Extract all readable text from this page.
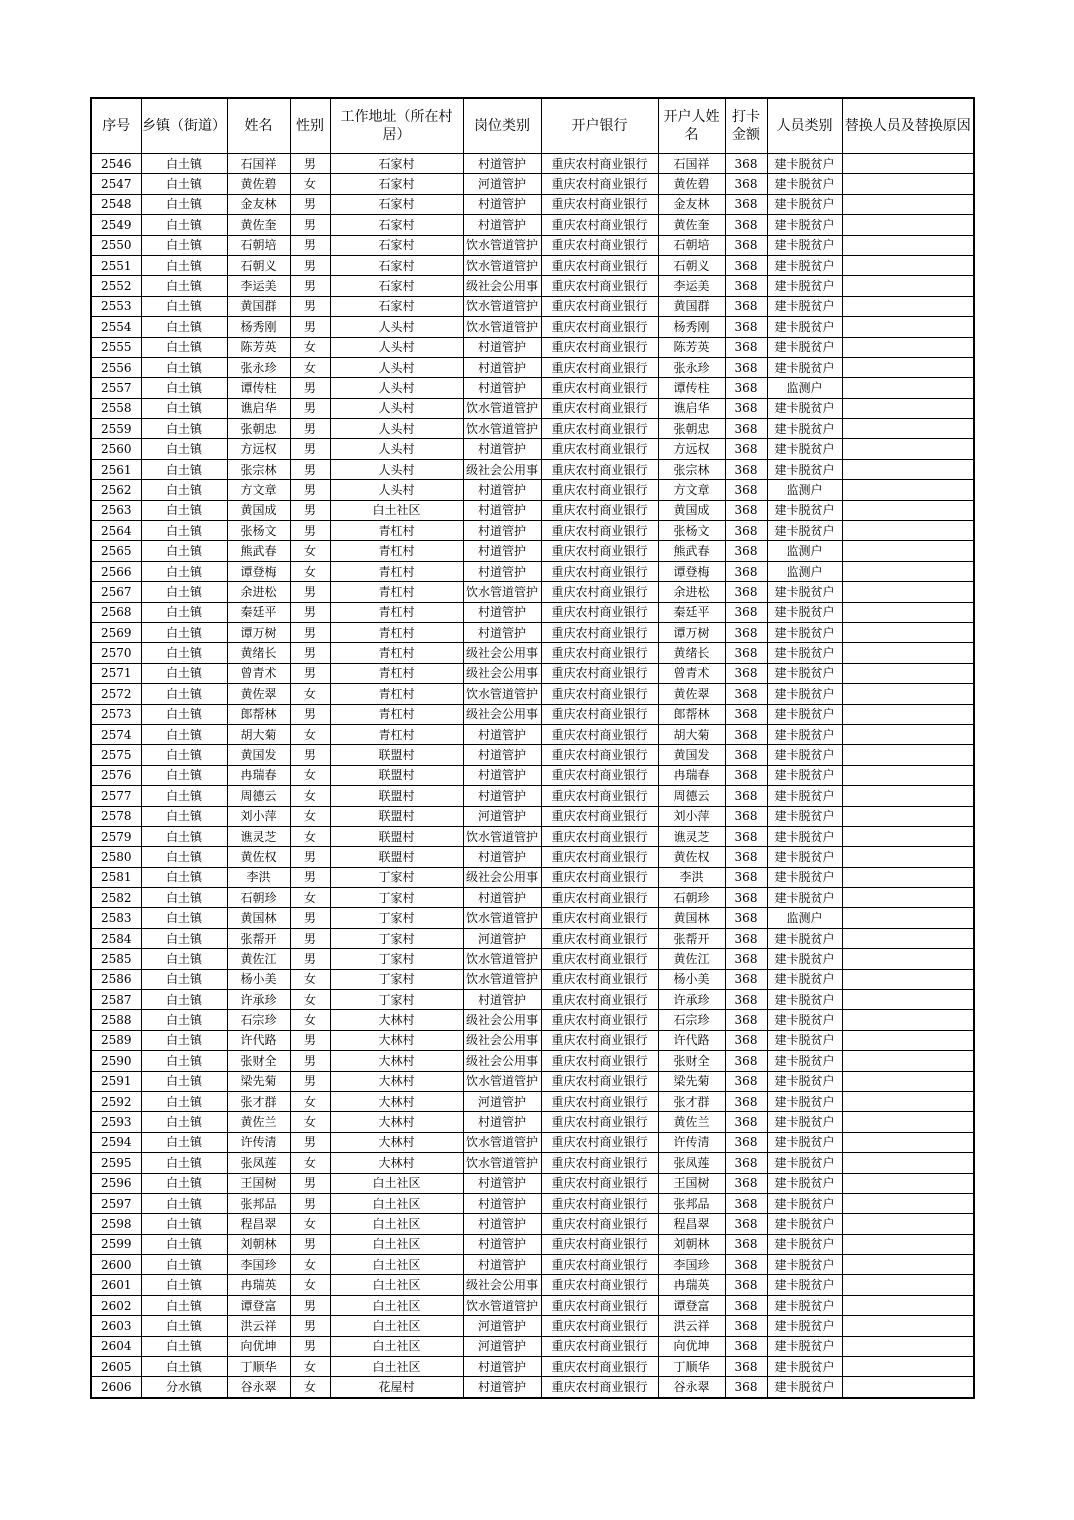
序号	乡镇（街道）	姓名	性别	工作地址（所在村居）	岗位类别	开户银行	开户人姓名	打卡金额	人员类别	替换人员及替换原因
2546	白土镇	石国祥	男	石家村	村道管护	重庆农村商业银行	石国祥	368	建卡脱贫户	
2547	白土镇	黄佐碧	女	石家村	河道管护	重庆农村商业银行	黄佐碧	368	建卡脱贫户	
2548	白土镇	金友林	男	石家村	村道管护	重庆农村商业银行	金友林	368	建卡脱贫户	
2549	白土镇	黄佐奎	男	石家村	村道管护	重庆农村商业银行	黄佐奎	368	建卡脱贫户	
2550	白土镇	石朝培	男	石家村	饮水管道管护	重庆农村商业银行	石朝培	368	建卡脱贫户	
2551	白土镇	石朝义	男	石家村	饮水管道管护	重庆农村商业银行	石朝义	368	建卡脱贫户	
2552	白土镇	李运美	男	石家村	级社会公用事	重庆农村商业银行	李运美	368	建卡脱贫户	
2553	白土镇	黄国群	男	石家村	饮水管道管护	重庆农村商业银行	黄国群	368	建卡脱贫户	
2554	白土镇	杨秀刚	男	人头村	饮水管道管护	重庆农村商业银行	杨秀刚	368	建卡脱贫户	
2555	白土镇	陈芳英	女	人头村	村道管护	重庆农村商业银行	陈芳英	368	建卡脱贫户	
2556	白土镇	张永珍	女	人头村	村道管护	重庆农村商业银行	张永珍	368	建卡脱贫户	
2557	白土镇	谭传柱	男	人头村	村道管护	重庆农村商业银行	谭传柱	368	监测户	
2558	白土镇	谯启华	男	人头村	饮水管道管护	重庆农村商业银行	谯启华	368	建卡脱贫户	
2559	白土镇	张朝忠	男	人头村	饮水管道管护	重庆农村商业银行	张朝忠	368	建卡脱贫户	
2560	白土镇	方远权	男	人头村	村道管护	重庆农村商业银行	方远权	368	建卡脱贫户	
2561	白土镇	张宗林	男	人头村	级社会公用事	重庆农村商业银行	张宗林	368	建卡脱贫户	
2562	白土镇	方文章	男	人头村	村道管护	重庆农村商业银行	方文章	368	监测户	
2563	白土镇	黄国成	男	白土社区	村道管护	重庆农村商业银行	黄国成	368	建卡脱贫户	
2564	白土镇	张杨文	男	青杠村	村道管护	重庆农村商业银行	张杨文	368	建卡脱贫户	
2565	白土镇	熊武春	女	青杠村	村道管护	重庆农村商业银行	熊武春	368	监测户	
2566	白土镇	谭登梅	女	青杠村	村道管护	重庆农村商业银行	谭登梅	368	监测户	
2567	白土镇	余进松	男	青杠村	饮水管道管护	重庆农村商业银行	余进松	368	建卡脱贫户	
2568	白土镇	秦廷平	男	青杠村	村道管护	重庆农村商业银行	秦廷平	368	建卡脱贫户	
2569	白土镇	谭万树	男	青杠村	村道管护	重庆农村商业银行	谭万树	368	建卡脱贫户	
2570	白土镇	黄绪长	男	青杠村	级社会公用事	重庆农村商业银行	黄绪长	368	建卡脱贫户	
2571	白土镇	曾青术	男	青杠村	级社会公用事	重庆农村商业银行	曾青术	368	建卡脱贫户	
2572	白土镇	黄佐翠	女	青杠村	饮水管道管护	重庆农村商业银行	黄佐翠	368	建卡脱贫户	
2573	白土镇	郎帮林	男	青杠村	级社会公用事	重庆农村商业银行	郎帮林	368	建卡脱贫户	
2574	白土镇	胡大菊	女	青杠村	村道管护	重庆农村商业银行	胡大菊	368	建卡脱贫户	
2575	白土镇	黄国发	男	联盟村	村道管护	重庆农村商业银行	黄国发	368	建卡脱贫户	
2576	白土镇	冉瑞春	女	联盟村	村道管护	重庆农村商业银行	冉瑞春	368	建卡脱贫户	
2577	白土镇	周德云	女	联盟村	村道管护	重庆农村商业银行	周德云	368	建卡脱贫户	
2578	白土镇	刘小萍	女	联盟村	河道管护	重庆农村商业银行	刘小萍	368	建卡脱贫户	
2579	白土镇	谯灵芝	女	联盟村	饮水管道管护	重庆农村商业银行	谯灵芝	368	建卡脱贫户	
2580	白土镇	黄佐权	男	联盟村	村道管护	重庆农村商业银行	黄佐权	368	建卡脱贫户	
2581	白土镇	李洪	男	丁家村	级社会公用事	重庆农村商业银行	李洪	368	建卡脱贫户	
2582	白土镇	石朝珍	女	丁家村	村道管护	重庆农村商业银行	石朝珍	368	建卡脱贫户	
2583	白土镇	黄国林	男	丁家村	饮水管道管护	重庆农村商业银行	黄国林	368	监测户	
2584	白土镇	张帮开	男	丁家村	河道管护	重庆农村商业银行	张帮开	368	建卡脱贫户	
2585	白土镇	黄佐江	男	丁家村	饮水管道管护	重庆农村商业银行	黄佐江	368	建卡脱贫户	
2586	白土镇	杨小美	女	丁家村	饮水管道管护	重庆农村商业银行	杨小美	368	建卡脱贫户	
2587	白土镇	许承珍	女	丁家村	村道管护	重庆农村商业银行	许承珍	368	建卡脱贫户	
2588	白土镇	石宗珍	女	大林村	级社会公用事	重庆农村商业银行	石宗珍	368	建卡脱贫户	
2589	白土镇	许代路	男	大林村	级社会公用事	重庆农村商业银行	许代路	368	建卡脱贫户	
2590	白土镇	张财全	男	大林村	级社会公用事	重庆农村商业银行	张财全	368	建卡脱贫户	
2591	白土镇	梁先菊	男	大林村	饮水管道管护	重庆农村商业银行	梁先菊	368	建卡脱贫户	
2592	白土镇	张才群	女	大林村	河道管护	重庆农村商业银行	张才群	368	建卡脱贫户	
2593	白土镇	黄佐兰	女	大林村	村道管护	重庆农村商业银行	黄佐兰	368	建卡脱贫户	
2594	白土镇	许传清	男	大林村	饮水管道管护	重庆农村商业银行	许传清	368	建卡脱贫户	
2595	白土镇	张凤莲	女	大林村	饮水管道管护	重庆农村商业银行	张凤莲	368	建卡脱贫户	
2596	白土镇	王国树	男	白土社区	村道管护	重庆农村商业银行	王国树	368	建卡脱贫户	
2597	白土镇	张邦品	男	白土社区	村道管护	重庆农村商业银行	张邦品	368	建卡脱贫户	
2598	白土镇	程昌翠	女	白土社区	村道管护	重庆农村商业银行	程昌翠	368	建卡脱贫户	
2599	白土镇	刘朝林	男	白土社区	村道管护	重庆农村商业银行	刘朝林	368	建卡脱贫户	
2600	白土镇	李国珍	女	白土社区	村道管护	重庆农村商业银行	李国珍	368	建卡脱贫户	
2601	白土镇	冉瑞英	女	白土社区	级社会公用事	重庆农村商业银行	冉瑞英	368	建卡脱贫户	
2602	白土镇	谭登富	男	白土社区	饮水管道管护	重庆农村商业银行	谭登富	368	建卡脱贫户	
2603	白土镇	洪云祥	男	白土社区	河道管护	重庆农村商业银行	洪云祥	368	建卡脱贫户	
2604	白土镇	向优坤	男	白土社区	河道管护	重庆农村商业银行	向优坤	368	建卡脱贫户	
2605	白土镇	丁顺华	女	白土社区	村道管护	重庆农村商业银行	丁顺华	368	建卡脱贫户	
2606	分水镇	谷永翠	女	花屋村	村道管护	重庆农村商业银行	谷永翠	368	建卡脱贫户	
